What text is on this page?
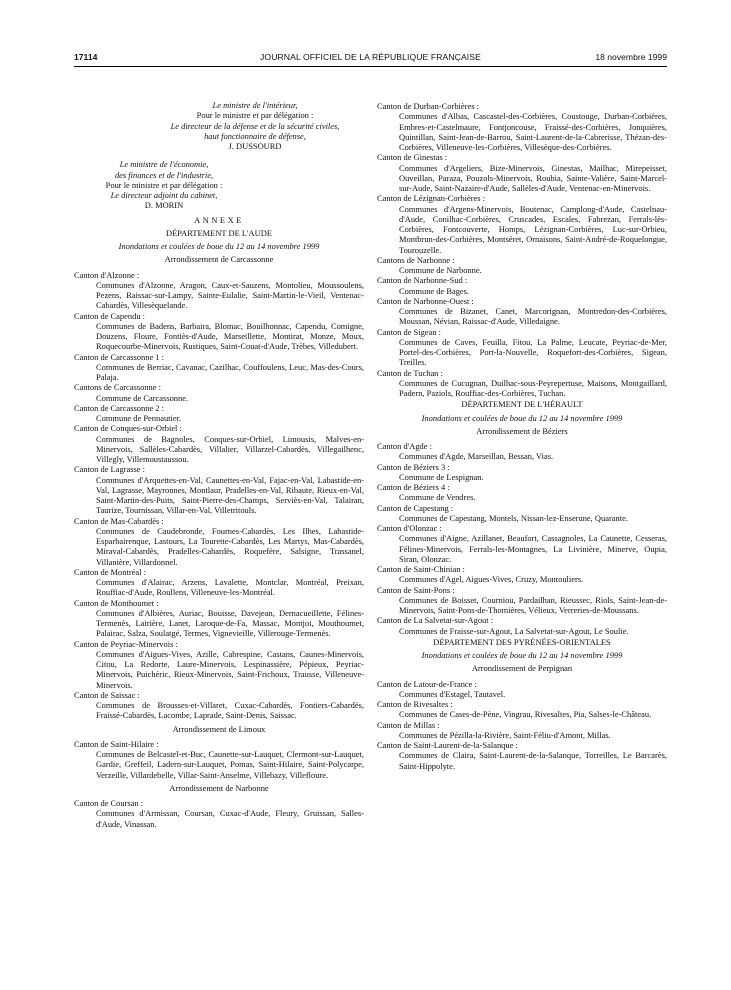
17114	JOURNAL OFFICIEL DE LA RÉPUBLIQUE FRANÇAISE	18 novembre 1999
Le ministre de l'intérieur,
Pour le ministre et par délégation :
Le directeur de la défense et de la sécurité civiles,
haut fonctionnaire de défense,
J. DUSSOURD
Le ministre de l'économie,
des finances et de l'industrie,
Pour le ministre et par délégation :
Le directeur adjoint du cabinet,
D. MORIN
ANNEXE
DÉPARTEMENT DE L'AUDE
Inondations et coulées de boue du 12 au 14 novembre 1999
Arrondissement de Carcassonne
Canton d'Alzonne :
Communes d'Alzonne, Aragon, Caux-et-Sauzens, Montolieu, Moussoulens, Pezens, Raissac-sur-Lampy, Sainte-Eulalie, Saint-Martin-le-Vieil, Ventenac-Cabardès, Villesèquelande.
Canton de Capendu :
Communes de Badens, Barbaira, Blomac, Bouilhonnac, Capendu, Comigne, Douzens, Floure, Fontiès-d'Aude, Marseillette, Montirat, Monze, Moux, Roquecourbe-Minervois, Rustiques, Saint-Couat-d'Aude, Trèbes, Villedubert.
Canton de Carcassonne 1 :
Communes de Berriac, Cavanac, Cazilhac, Couffoulens, Leuc, Mas-des-Cours, Palaja.
Cantons de Carcassonne :
Commune de Carcassonne.
Canton de Carcassonne 2 :
Commune de Pennautier.
Canton de Conques-sur-Orbiel :
Communes de Bagnoles, Conques-sur-Orbiel, Limousis, Malves-en-Minervois, Sallèles-Cabardès, Villalier, Villarzel-Cabardès, Villegailhenc, Villegly, Villemoustaussou.
Canton de Lagrasse :
Communes d'Arquettes-en-Val, Caunettes-en-Val, Fajac-en-Val, Labastide-en-Val, Lagrasse, Mayronnes, Montlaur, Pradelles-en-Val, Ribaute, Rieux-en-Val, Saint-Martin-des-Puits, Saint-Pierre-des-Champs, Serviès-en-Val, Talairan, Taurize, Tournissan, Villar-en-Val, Villetritouls.
Canton de Mas-Cabardès :
Communes de Caudebronde, Fournes-Cabardès, Les Ilhes, Labastide-Esparbairenque, Lastours, La Tourette-Cabardès, Les Martys, Mas-Cabardès, Miraval-Cabardès, Pradelles-Cabardès, Roquefère, Salsigne, Trassanel, Villanière, Villardonnel.
Canton de Montréal :
Communes d'Alairac, Arzens, Lavalette, Montclar, Montréal, Preixan, Rouffiac-d'Aude, Roullens, Villeneuve-les-Montréal.
Canton de Monthoumet :
Communes d'Albières, Auriac, Bouisse, Davejean, Dernacueillette, Félines-Termenès, Lairière, Lanet, Laroque-de-Fa, Massac, Montjoi, Mouthoumet, Palairac, Salza, Soulatgé, Termes, Vignevieille, Villerouge-Termenès.
Canton de Peyriac-Minervois :
Communes d'Aigues-Vives, Azille, Cabrespine, Castans, Caunes-Minervois, Citou, La Redorte, Laure-Minervois, Lespinassière, Pépieux, Peyriac-Minervois, Puichéric, Rieux-Minervois, Saint-Frichoux, Trausse, Villeneuve-Minervois.
Canton de Saissac :
Communes de Brousses-et-Villaret, Cuxac-Cabardès, Fontiers-Cabardès, Fraissé-Cabardès, Lacombe, Laprade, Saint-Denis, Saissac.
Arrondissement de Limoux
Canton de Saint-Hilaire :
Communes de Belcastel-et-Buc, Caunette-sur-Lauquet, Clermont-sur-Lauquet, Gardie, Greffeil, Ladern-sur-Lauquet, Pomas, Saint-Hilaire, Saint-Polycarpe, Verzeille, Villardebelle, Villar-Saint-Anselme, Villebazy, Villefloure.
Arrondissement de Narbonne
Canton de Coursan :
Communes d'Armissan, Coursan, Cuxac-d'Aude, Fleury, Gruissan, Salles-d'Aude, Vinassan.
Canton de Durban-Corbières :
Communes d'Albas, Cascastel-des-Corbières, Coustouge, Durban-Corbières, Embres-et-Castelmaure, Fontjoncouse, Fraissé-des-Corbières, Jonquières, Quintillan, Saint-Jean-de-Barrou, Saint-Laurent-de-la-Cabrerisse, Thézan-des-Corbières, Villeneuve-les-Corbières, Villesèque-des-Corbières.
Canton de Ginestas :
Communes d'Argeliers, Bize-Minervois, Ginestas, Mailhac, Mirepeisset, Ouveillan, Paraza, Pouzols-Minervois, Roubia, Sainte-Valière, Saint-Marcel-sur-Aude, Saint-Nazaire-d'Aude, Sallèles-d'Aude, Ventenac-en-Minervois.
Canton de Lézignan-Corbières :
Communes d'Argens-Minervois, Boutenac, Camplong-d'Aude, Castelnau-d'Aude, Conilhac-Corbières, Cruscades, Escales, Fabrezan, Ferrals-lès-Corbières, Fontcouverte, Homps, Lézignan-Corbières, Luc-sur-Orbieu, Montbrun-des-Corbières, Montséret, Ornaisons, Saint-André-de-Roquelongue, Tourouzelle.
Cantons de Narbonne :
Commune de Narbonne.
Canton de Narbonne-Sud :
Commune de Bages.
Canton de Narbonne-Ouest :
Communes de Bizanet, Canet, Marcorignan, Montredon-des-Corbières, Moussan, Névian, Raissac-d'Aude, Villedaigne.
Canton de Sigean :
Communes de Caves, Feuilla, Fitou, La Palme, Leucate, Peyriac-de-Mer, Portel-des-Corbières, Port-la-Nouvelle, Roquefort-des-Corbières, Sigean, Treilles.
Canton de Tuchan :
Communes de Cucugnan, Duilhac-sous-Peyrepertuse, Maisons, Montgaillard, Padern, Paziols, Rouffiac-des-Corbières, Tuchan.
DÉPARTEMENT DE L'HÉRAULT
Inondations et coulées de boue du 12 au 14 novembre 1999
Arrondissement de Béziers
Canton d'Agde :
Communes d'Agde, Marseillan, Bessan, Vias.
Canton de Béziers 3 :
Commune de Lespignan.
Canton de Béziers 4 :
Commune de Vendres.
Canton de Capestang :
Communes de Capestang, Montels, Nissan-lez-Enserune, Quarante.
Canton d'Olonzac :
Communes d'Aigne, Azillanet, Beaufort, Cassagnoles, La Caunette, Cesseras, Félines-Minervois, Ferrals-les-Montagnes, La Livinière, Minerve, Oupia, Siran, Olonzac.
Canton de Saint-Chinian :
Communes d'Agel, Aigues-Vives, Cruzy, Montouliers.
Canton de Saint-Pons :
Communes de Boisset, Courniou, Pardailhan, Rieussec, Riols, Saint-Jean-de-Minervois, Saint-Pons-de-Thomières, Vélieux, Verreries-de-Moussans.
Canton de La Salvetat-sur-Agout :
Communes de Fraisse-sur-Agout, La Salvetat-sur-Agout, Le Soulie.
DÉPARTEMENT DES PYRÉNÉES-ORIENTALES
Inondations et coulées de boue du 12 au 14 novembre 1999
Arrondissement de Perpignan
Canton de Latour-de-France :
Communes d'Estagel, Tautavel.
Canton de Rivesaltes :
Communes de Cases-de-Pène, Vingrau, Rivesaltes, Pia, Salses-le-Château.
Canton de Millas :
Communes de Pézilla-la-Rivière, Saint-Féliu-d'Amont, Millas.
Canton de Saint-Laurent-de-la-Salanque :
Communes de Claira, Saint-Laurent-de-la-Salanque, Torreilles, Le Barcarès, Saint-Hippolyte.
